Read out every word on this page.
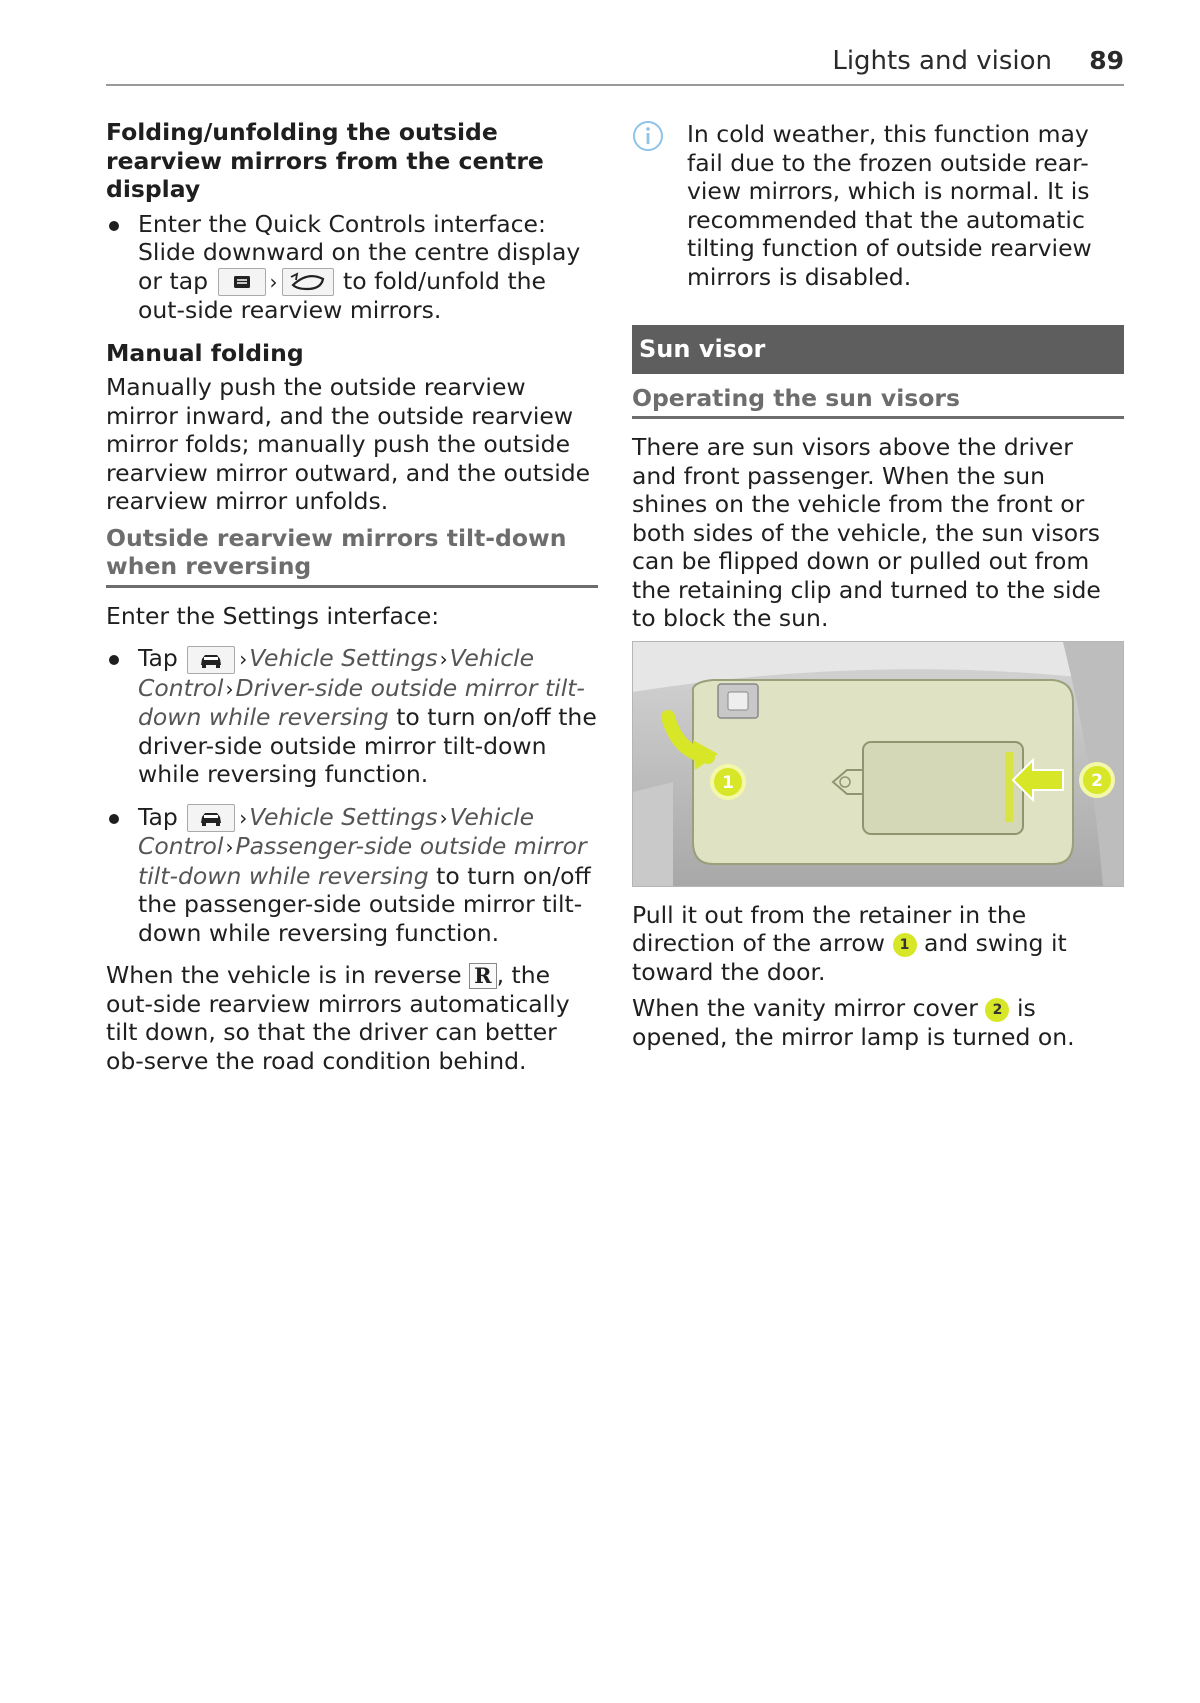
Lights and vision 89

Folding/unfolding the outside rearview mirrors from the centre display

Enter the Quick Controls interface: Slide downward on the centre display or tap	›	to fold/unfold the out-side rearview mirrors.

Manual folding

Manually push the outside rearview mirror inward, and the outside rearview mirror folds; manually push the outside rearview mirror outward, and the outside rearview mirror unfolds.

Outside rearview mirrors tilt-down when reversing

Enter the Settings interface:

Tap	›Vehicle Settings ›Vehicle Control ›Driver-side outside mirror tilt-down while reversing to turn on/off the driver-side outside mirror tilt-down while reversing function.
Tap	›Vehicle Settings ›Vehicle Control ›Passenger-side outside mirror tilt-down while reversing to turn on/off the passenger-side outside mirror tilt-down while reversing function.

When the vehicle is in reverse R , the out-side rearview mirrors automatically tilt down, so that the driver can better ob-serve the road condition behind.

In cold weather, this function may fail due to the frozen outside rear-view mirrors, which is normal. It is recommended that the automatic tilting function of outside rearview mirrors is disabled.
Sun visor

Operating the sun visors

There are sun visors above the driver and front passenger. When the sun shines on the vehicle from the front or both sides of the vehicle, the sun visors can be flipped down or pulled out from the retaining clip and turned to the side to block the sun.

1	2

Pull it out from the retainer in the direction of the arrow 1 and swing it toward the door.

When the vanity mirror cover 2 is opened, the mirror lamp is turned on.
